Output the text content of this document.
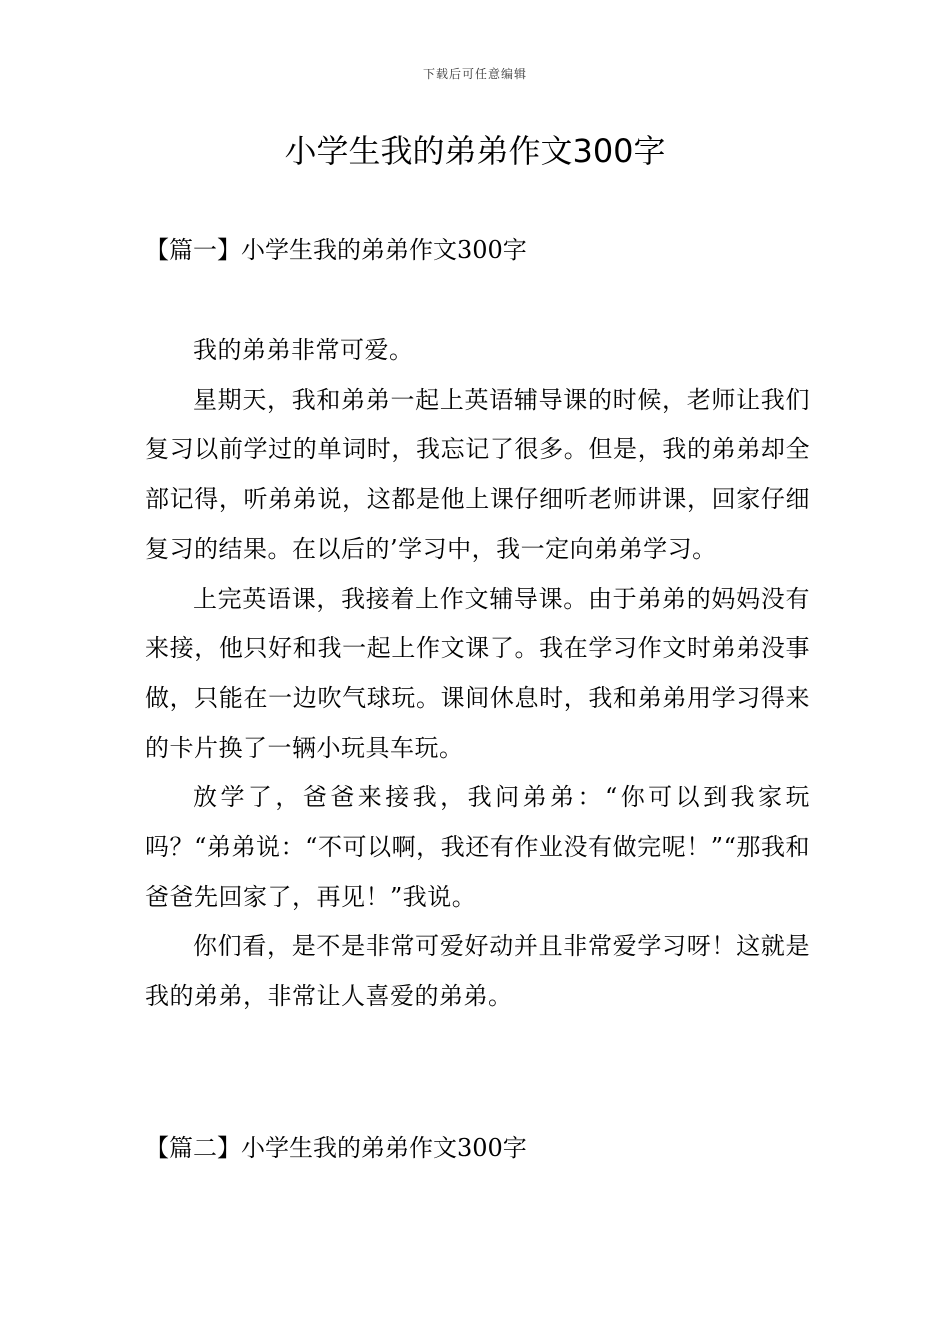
下载后可任意编辑
小学生我的弟弟作文300字
【篇一】小学生我的弟弟作文300字

我的弟弟非常可爱。

星期天，我和弟弟一起上英语辅导课的时候，老师让我们复习以前学过的单词时，我忘记了很多。但是，我的弟弟却全部记得，听弟弟说，这都是他上课仔细听老师讲课，回家仔细复习的结果。在以后的’学习中，我一定向弟弟学习。

上完英语课，我接着上作文辅导课。由于弟弟的妈妈没有来接，他只好和我一起上作文课了。我在学习作文时弟弟没事做，只能在一边吹气球玩。课间休息时，我和弟弟用学习得来的卡片换了一辆小玩具车玩。

放学了，爸爸来接我，我问弟弟：“你可以到我家玩吗？“弟弟说：“不可以啊，我还有作业没有做完呢！”“那我和爸爸先回家了，再见！”我说。

你们看，是不是非常可爱好动并且非常爱学习呀！这就是我的弟弟，非常让人喜爱的弟弟。

【篇二】小学生我的弟弟作文300字
